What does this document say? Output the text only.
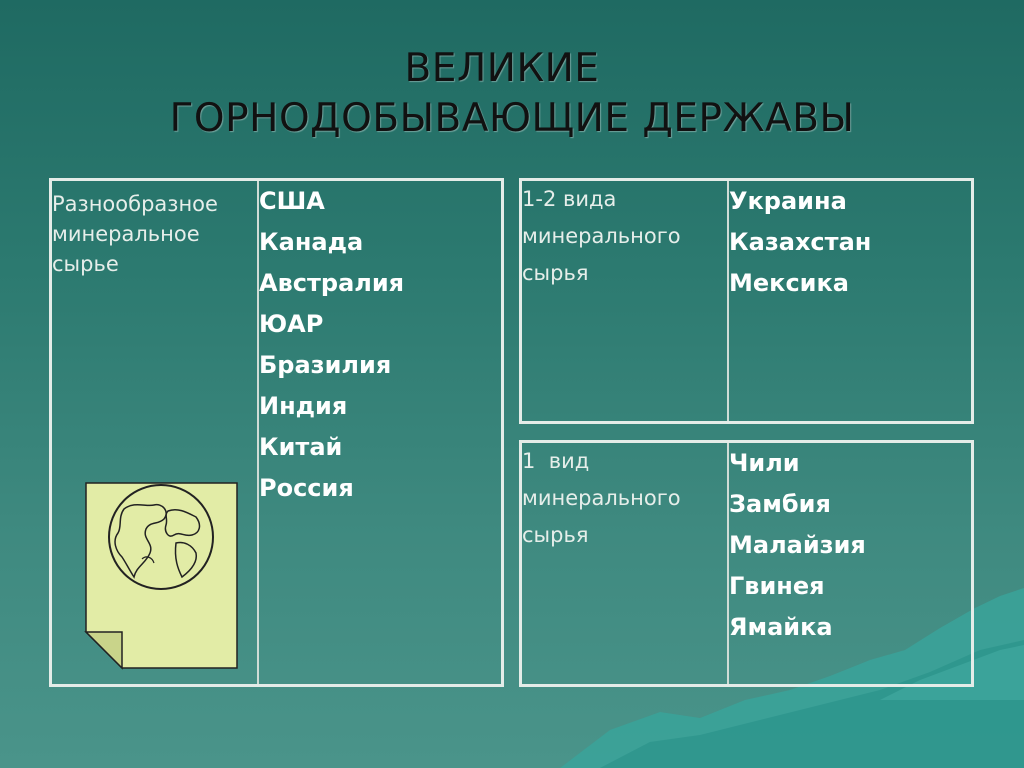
ВЕЛИКИЕ
ГОРНОДОБЫВАЮЩИЕ ДЕРЖАВЫ
Разнообразное минеральное сырье	
США
Канада
Австралия
ЮАР
Бразилия
Индия
Китай
Россия
1-2 вида минерального сырья	
Украина
Казахстан
Мексика
1  вид минерального сырья	
Чили
Замбия
Малайзия
Гвинея
Ямайка
